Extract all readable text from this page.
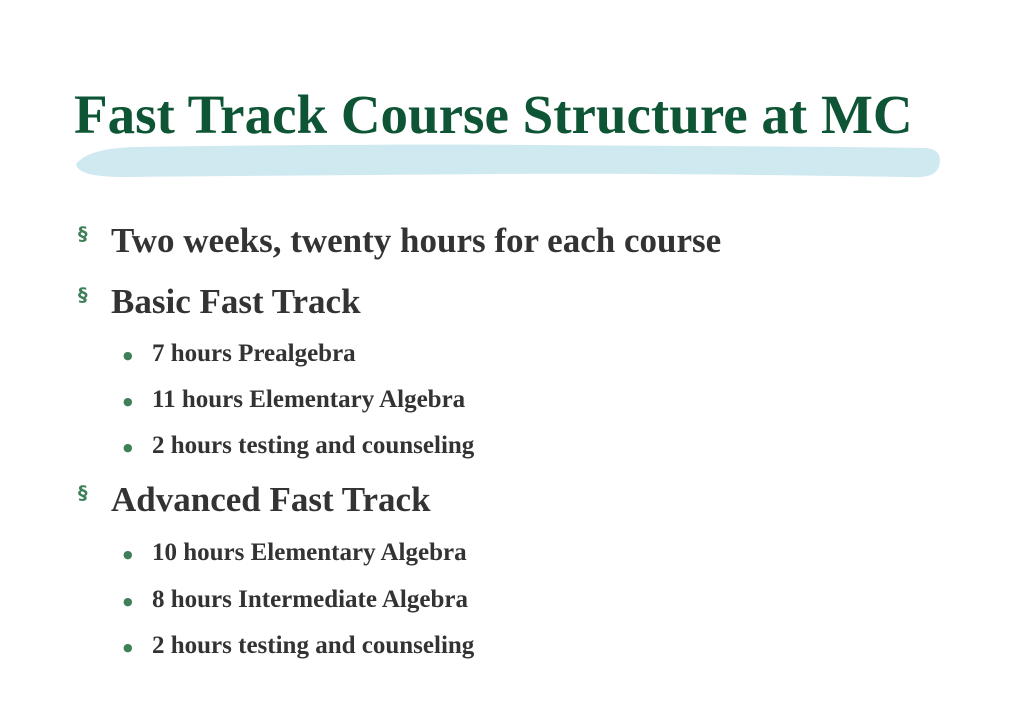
Fast Track Course Structure at MC
§ Two weeks, twenty hours for each course
§ Basic Fast Track
● 7 hours Prealgebra
● 11 hours Elementary Algebra
● 2 hours testing and counseling
§ Advanced Fast Track
● 10 hours Elementary Algebra
● 8 hours Intermediate Algebra
● 2 hours testing and counseling
